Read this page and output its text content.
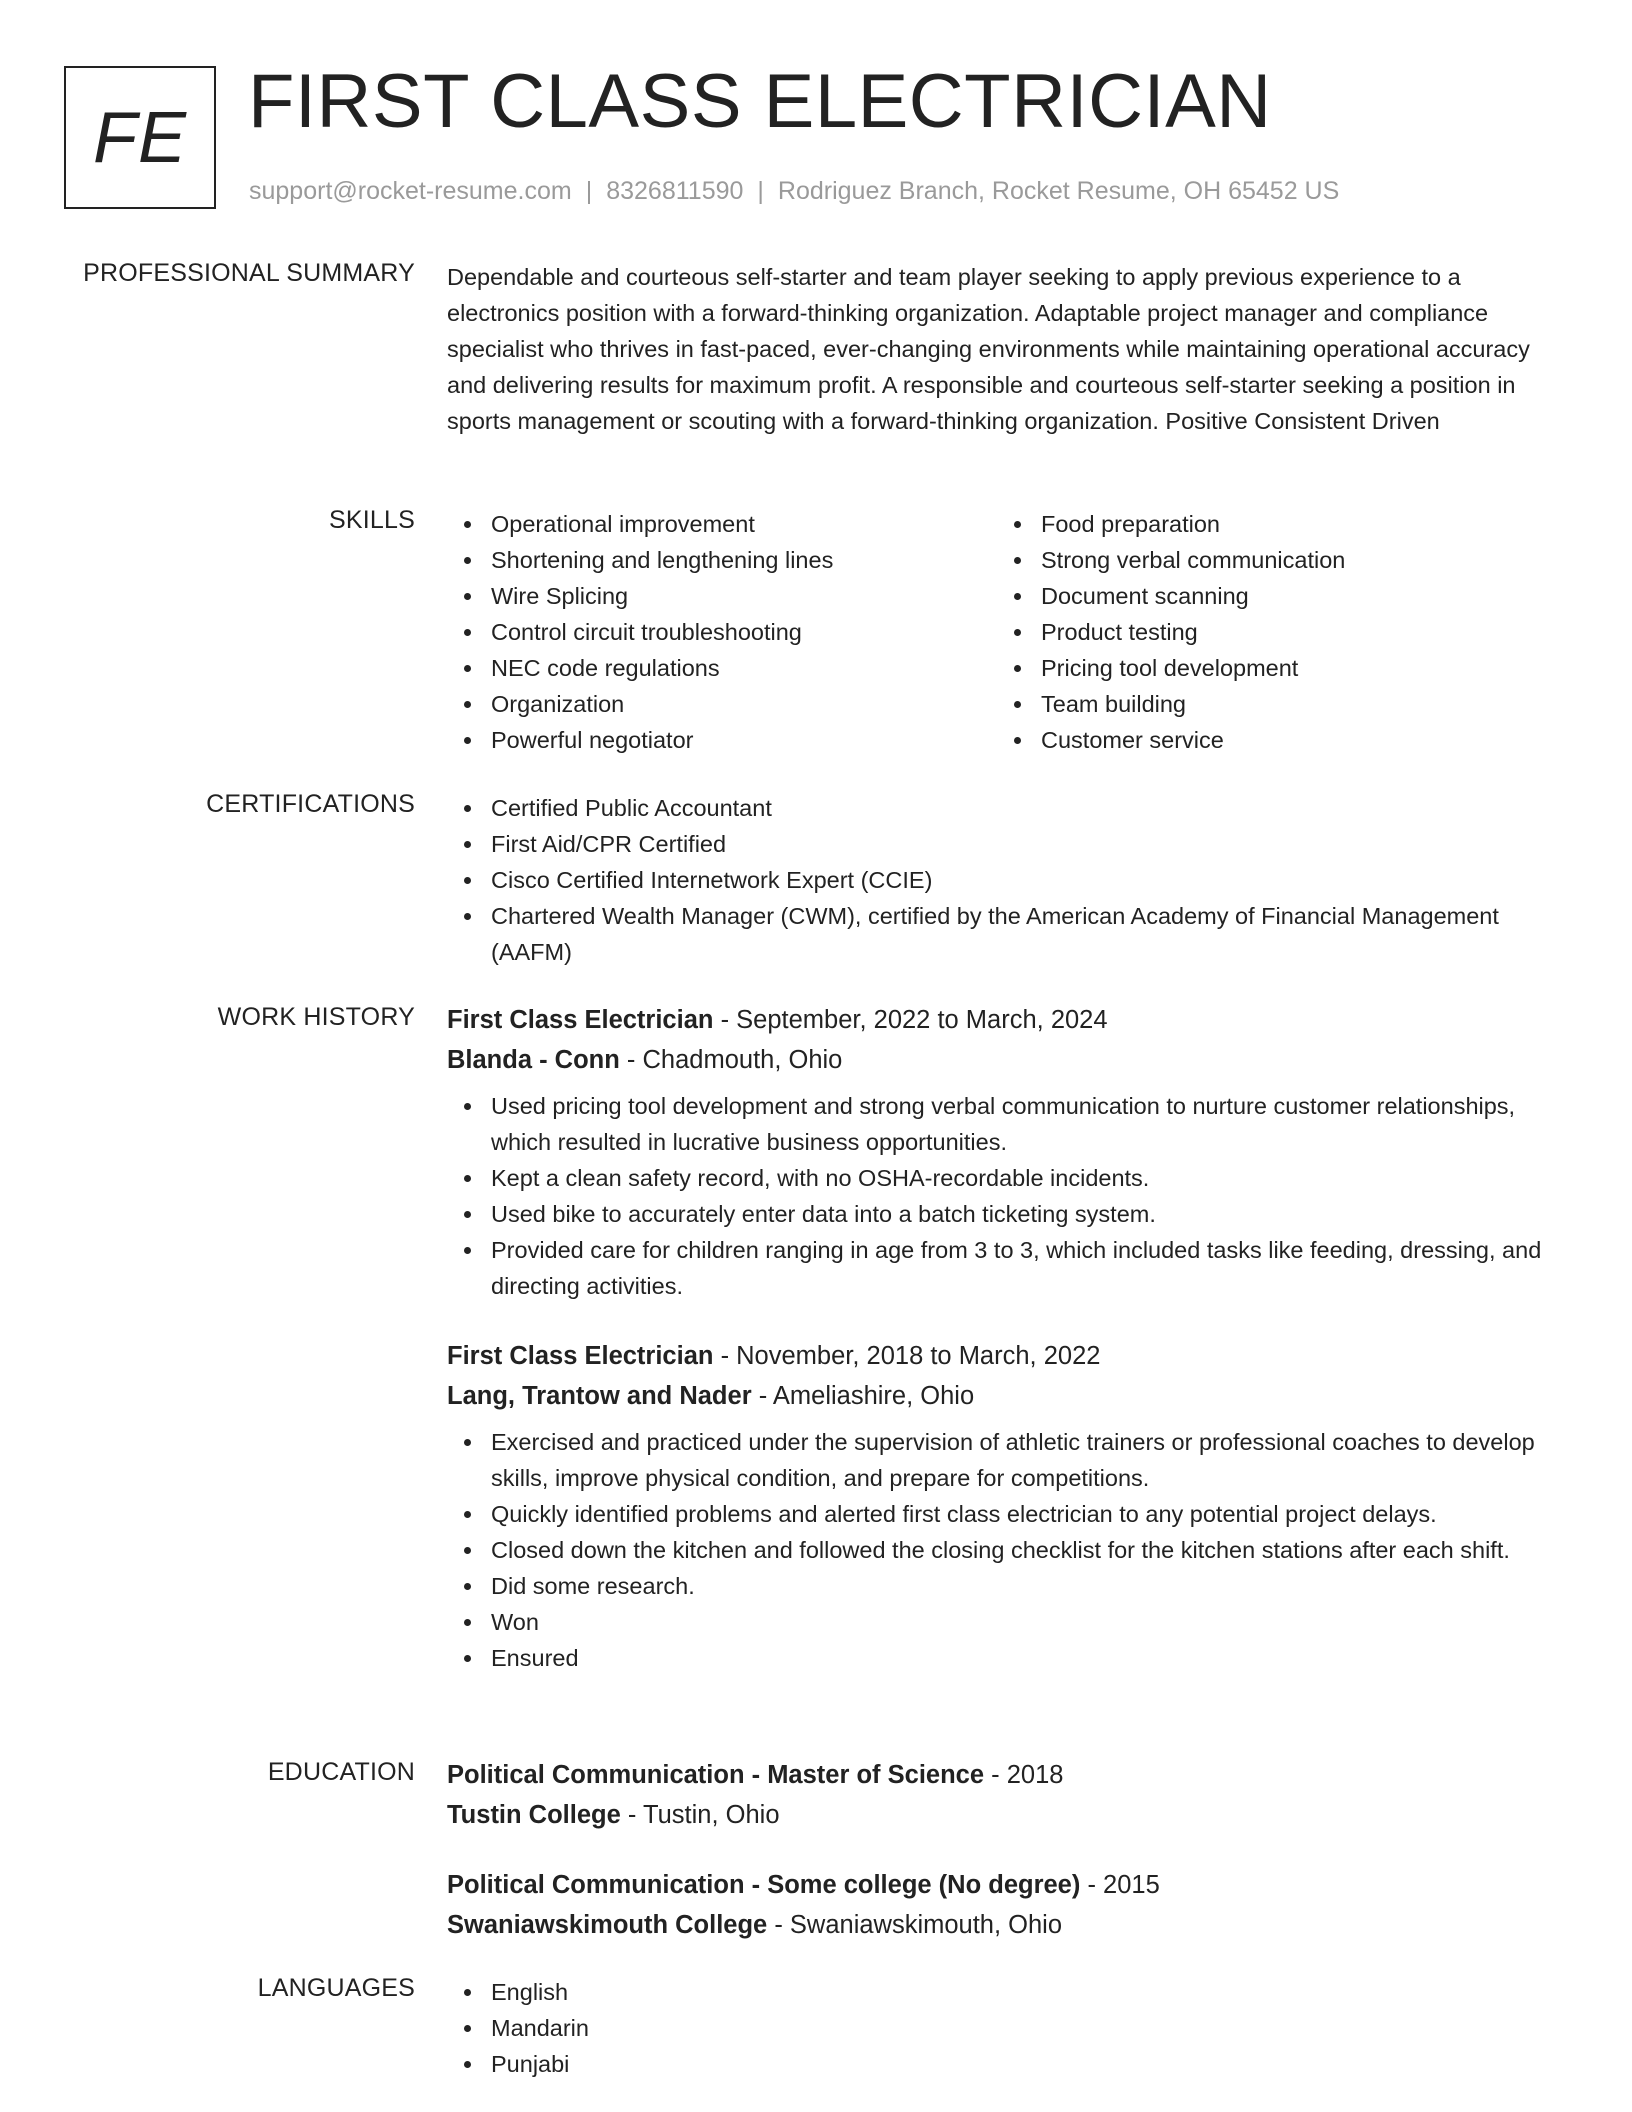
FE FIRST CLASS ELECTRICIAN
support@rocket-resume.com | 8326811590 | Rodriguez Branch, Rocket Resume, OH 65452 US
PROFESSIONAL SUMMARY Dependable and courteous self-starter and team player seeking to apply previous experience to a electronics position with a forward-thinking organization. Adaptable project manager and compliance specialist who thrives in fast-paced, ever-changing environments while maintaining operational accuracy and delivering results for maximum profit. A responsible and courteous self-starter seeking a position in sports management or scouting with a forward-thinking organization. Positive Consistent Driven
SKILLS	Operational improvement
Shortening and lengthening lines
Wire Splicing
Control circuit troubleshooting
NEC code regulations
Organization
Powerful negotiator
Food preparation
Strong verbal communication
Document scanning
Product testing
Pricing tool development
Team building
Customer service
CERTIFICATIONS	Certified Public Accountant
First Aid/CPR Certified
Cisco Certified Internetwork Expert (CCIE)
Chartered Wealth Manager (CWM), certified by the American Academy of Financial Management (AAFM)
WORK HISTORY First Class Electrician - September, 2022 to March, 2024
Blanda - Conn - Chadmouth, Ohio
Used pricing tool development and strong verbal communication to nurture customer relationships, which resulted in lucrative business opportunities.
Kept a clean safety record, with no OSHA-recordable incidents.
Used bike to accurately enter data into a batch ticketing system.
Provided care for children ranging in age from 3 to 3, which included tasks like feeding, dressing, and directing activities.
First Class Electrician - November, 2018 to March, 2022
Lang, Trantow and Nader - Ameliashire, Ohio
Exercised and practiced under the supervision of athletic trainers or professional coaches to develop skills, improve physical condition, and prepare for competitions.
Quickly identified problems and alerted first class electrician to any potential project delays.
Closed down the kitchen and followed the closing checklist for the kitchen stations after each shift.
Did some research.
Won
Ensured
EDUCATION Political Communication - Master of Science - 2018
Tustin College - Tustin, Ohio
Political Communication - Some college (No degree) - 2015
Swaniawskimouth College - Swaniawskimouth, Ohio
LANGUAGES	English
Mandarin
Punjabi
